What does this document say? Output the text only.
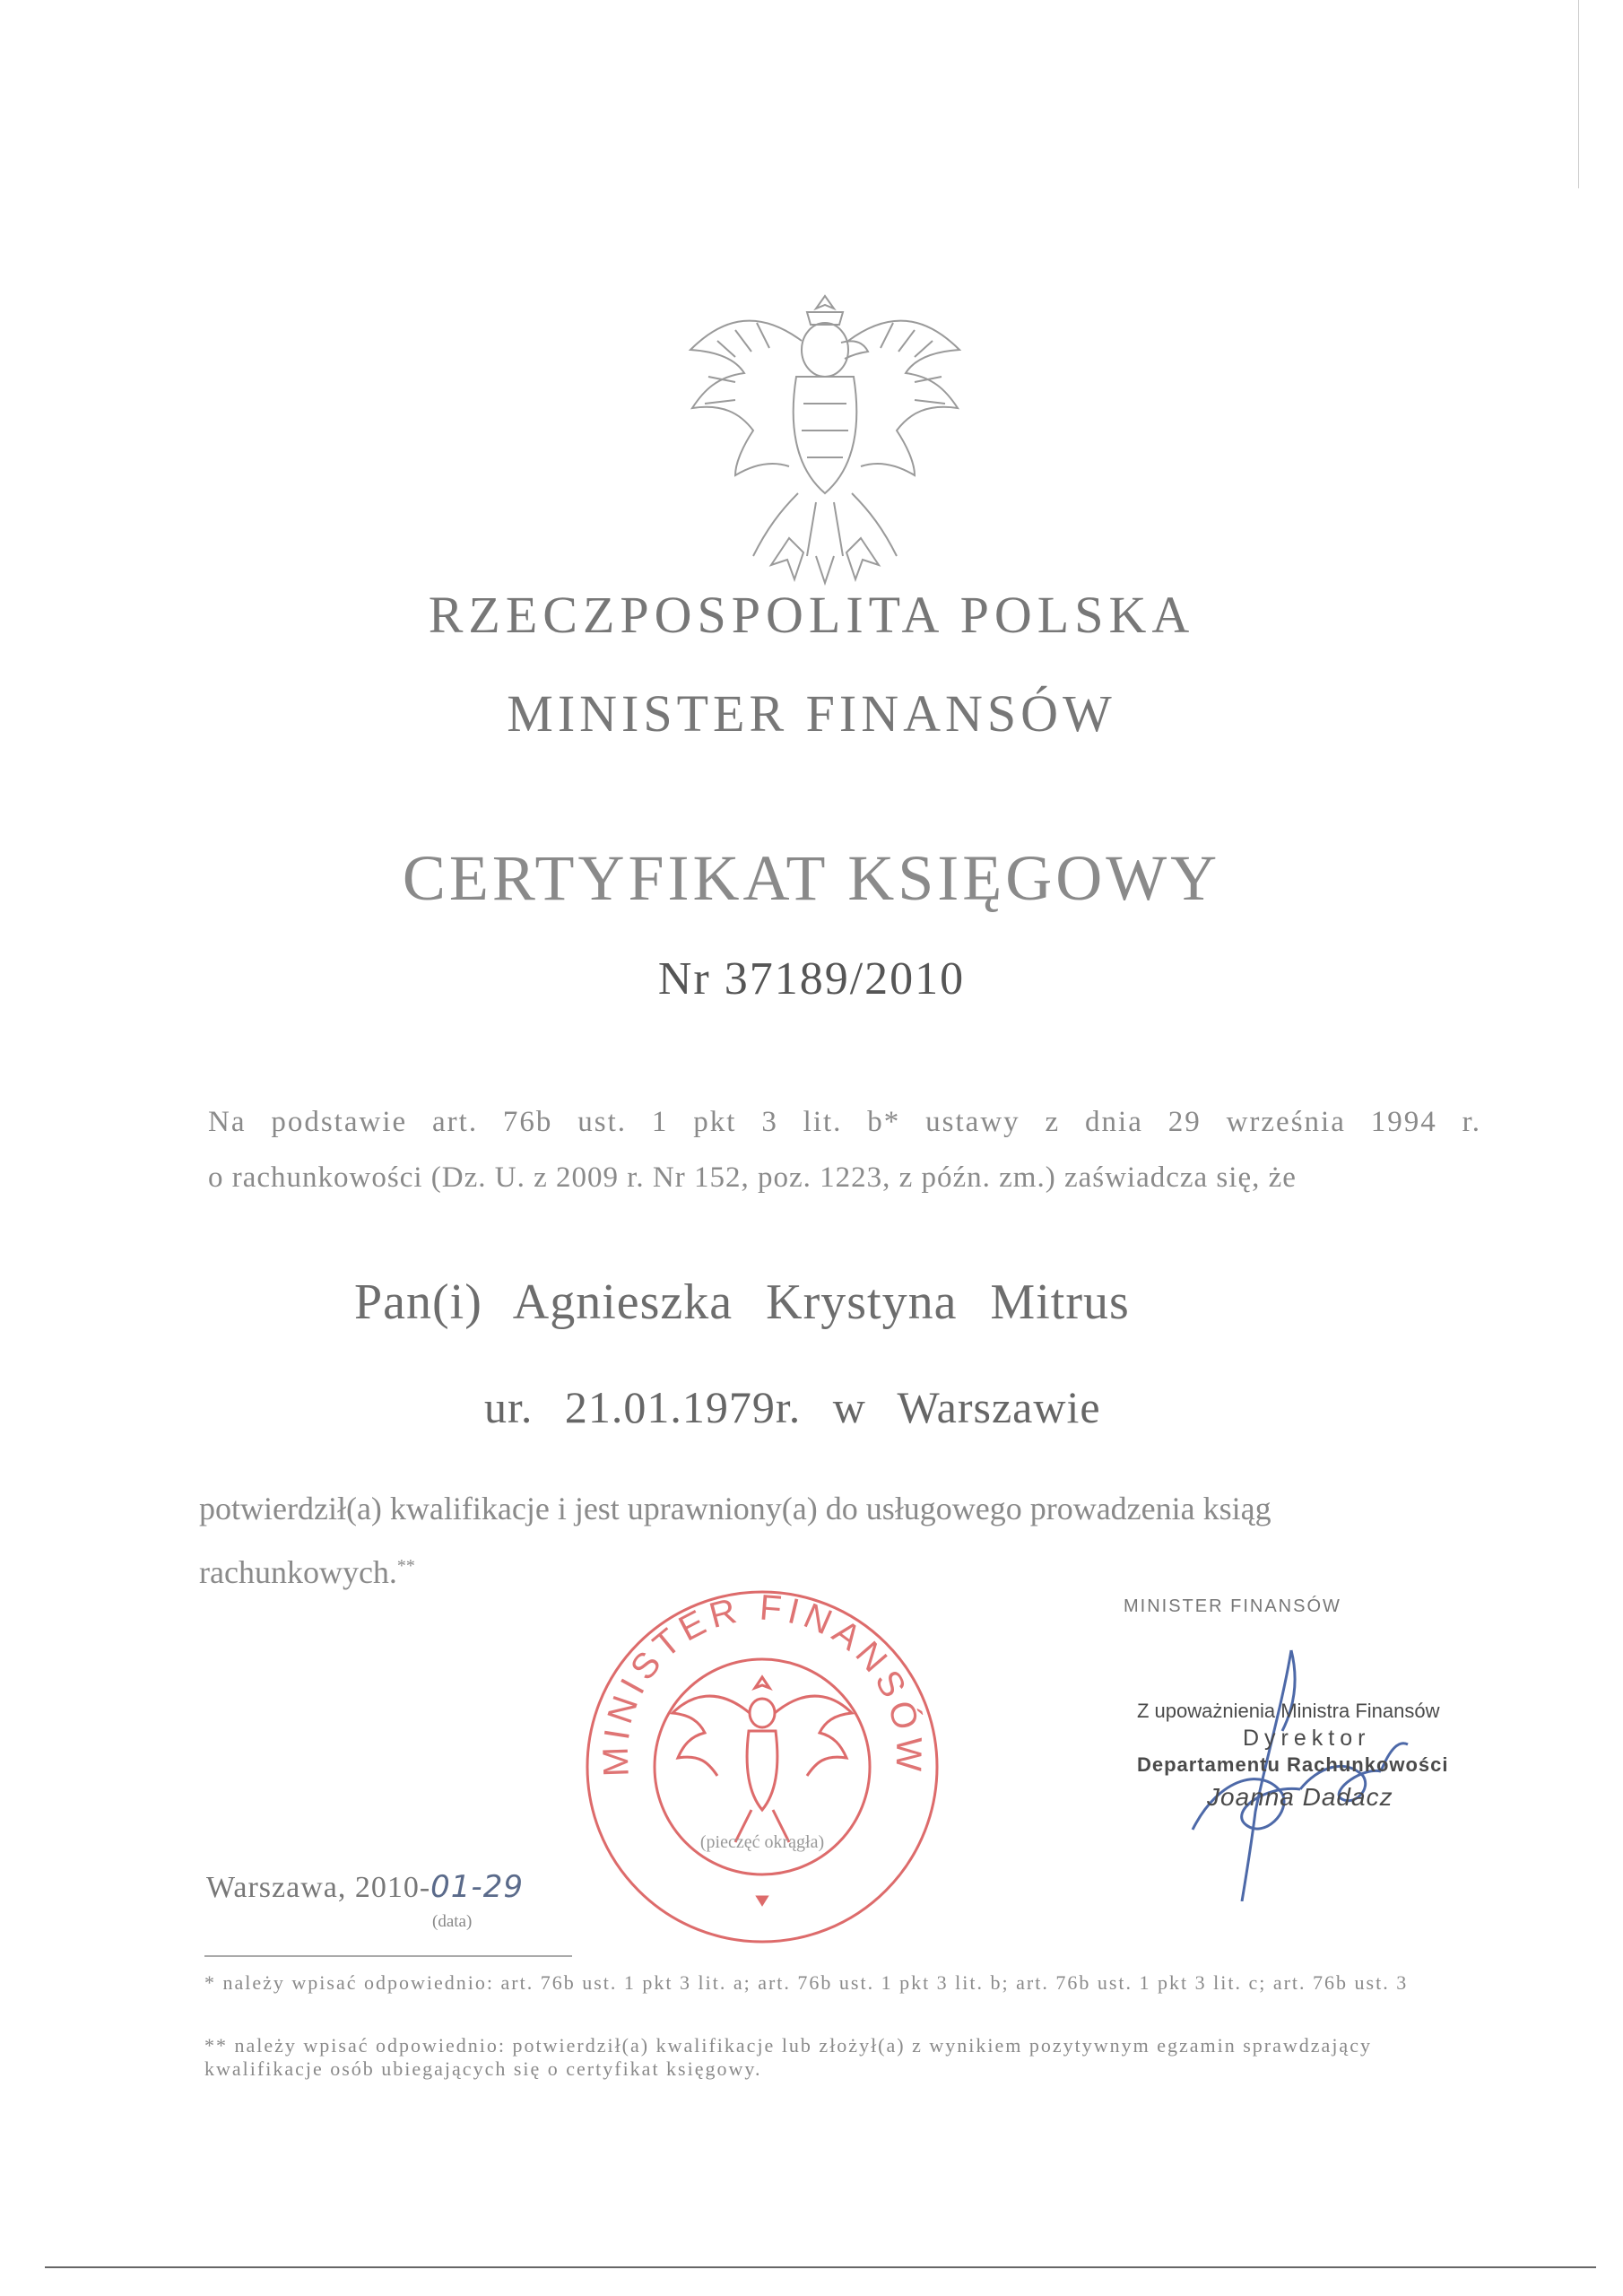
RZECZPOSPOLITA POLSKA
MINISTER FINANSÓW
CERTYFIKAT KSIĘGOWY
Nr 37189/2010
Na podstawie art. 76b ust. 1 pkt 3 lit. b* ustawy z dnia 29 września 1994 r.
o rachunkowości (Dz. U. z 2009 r. Nr 152, poz. 1223, z późn. zm.) zaświadcza się, że
Pan(i) Agnieszka Krystyna Mitrus
ur. 21.01.1979r. w Warszawie
potwierdził(a) kwalifikacje i jest uprawniony(a) do usługowego prowadzenia ksiąg rachunkowych.**
MINISTER FINANSÓW
(pieczęć okrągła)
MINISTER FINANSÓW
Z upoważnienia Ministra Finansów
Dyrektor
Departamentu Rachunkowości
Joanna Dadacz
Warszawa, 2010-01-29
(data)
* należy wpisać odpowiednio: art. 76b ust. 1 pkt 3 lit. a; art. 76b ust. 1 pkt 3 lit. b; art. 76b ust. 1 pkt 3 lit. c; art. 76b ust. 3
** należy wpisać odpowiednio: potwierdził(a) kwalifikacje lub złożył(a) z wynikiem pozytywnym egzamin sprawdzający kwalifikacje osób ubiegających się o certyfikat księgowy.
